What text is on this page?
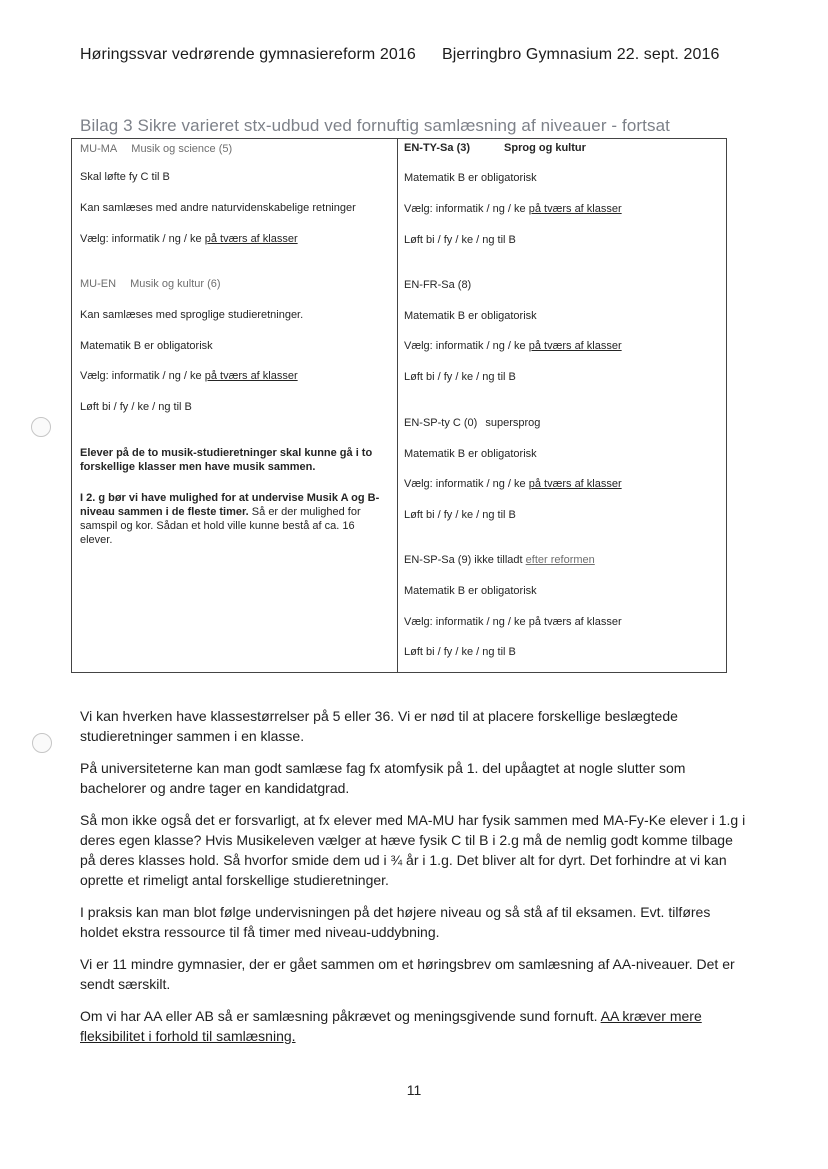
Høringssvar vedrørende gymnasiereform 2016 Bjerringbro Gymnasium 22. sept. 2016
Bilag 3 Sikre varieret stx-udbud ved fornuftig samlæsning af niveauer - fortsat
MU-MA Musik og science (5)
Skal løfte fy C til B
Kan samlæses med andre naturvidenskabelige retninger
Vælg: informatik / ng / ke på tværs af klasser
MU-EN Musik og kultur (6)
Kan samlæses med sproglige studieretninger.
Matematik B er obligatorisk
Vælg: informatik / ng / ke på tværs af klasser
Løft bi / fy / ke / ng til B
Elever på de to musik-studieretninger skal kunne gå i to forskellige klasser men have musik sammen.
I 2. g bør vi have mulighed for at undervise Musik A og B-niveau sammen i de fleste timer. Så er der mulighed for samspil og kor. Sådan et hold ville kunne bestå af ca. 16 elever.
EN-TY-Sa (3)	Sprog og kultur
Matematik B er obligatorisk
Vælg: informatik / ng / ke på tværs af klasser
Løft bi / fy / ke / ng til B
EN-FR-Sa (8)
Matematik B er obligatorisk
Vælg: informatik / ng / ke på tværs af klasser
Løft bi / fy / ke / ng til B
EN-SP-ty C (0) supersprog
Matematik B er obligatorisk
Vælg: informatik / ng / ke på tværs af klasser
Løft bi / fy / ke / ng til B
EN-SP-Sa (9) ikke tilladt efter reformen
Matematik B er obligatorisk
Vælg: informatik / ng / ke på tværs af klasser
Løft bi / fy / ke / ng til B
Vi kan hverken have klassestørrelser på 5 eller 36. Vi er nød til at placere forskellige beslægtede studieretninger sammen i en klasse.
På universiteterne kan man godt samlæse fag fx atomfysik på 1. del upåagtet at nogle slutter som bachelorer og andre tager en kandidatgrad.
Så mon ikke også det er forsvarligt, at fx elever med MA-MU har fysik sammen med MA-Fy-Ke elever i 1.g i deres egen klasse? Hvis Musikeleven vælger at hæve fysik C til B i 2.g må de nemlig godt komme tilbage på deres klasses hold. Så hvorfor smide dem ud i ¾ år i 1.g. Det bliver alt for dyrt. Det forhindre at vi kan oprette et rimeligt antal forskellige studieretninger.
I praksis kan man blot følge undervisningen på det højere niveau og så stå af til eksamen. Evt. tilføres holdet ekstra ressource til få timer med niveau-uddybning.
Vi er 11 mindre gymnasier, der er gået sammen om et høringsbrev om samlæsning af AA-niveauer. Det er sendt særskilt.
Om vi har AA eller AB så er samlæsning påkrævet og meningsgivende sund fornuft. AA kræver mere fleksibilitet i forhold til samlæsning.
11
